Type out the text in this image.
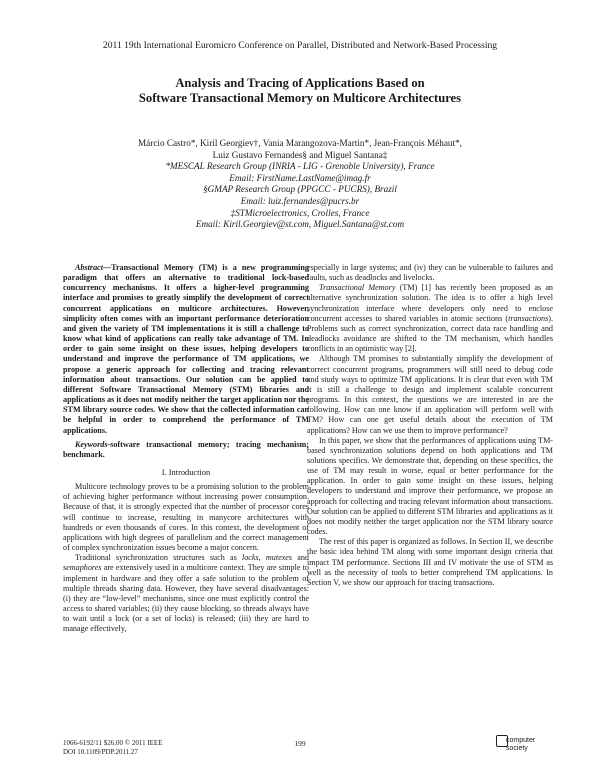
2011 19th International Euromicro Conference on Parallel, Distributed and Network-Based Processing
Analysis and Tracing of Applications Based on
Software Transactional Memory on Multicore Architectures
Márcio Castro*, Kiril Georgiev†, Vania Marangozova-Martin*, Jean-François Méhaut*,
Luiz Gustavo Fernandes§ and Miguel Santana‡
*MESCAL Research Group (INRIA - LIG - Grenoble University), France
Email: FirstName.LastName@imag.fr
§GMAP Research Group (PPGCC - PUCRS), Brazil
Email: luiz.fernandes@pucrs.br
‡STMicroelectronics, Crolles, France
Email: Kiril.Georgiev@st.com, Miguel.Santana@st.com

Abstract—Transactional Memory (TM) is a new programming paradigm that offers an alternative to traditional lock-based concurrency mechanisms. It offers a higher-level programming interface and promises to greatly simplify the development of correct concurrent applications on multicore architectures. However, simplicity often comes with an important performance deterioration and given the variety of TM implementations it is still a challenge to know what kind of applications can really take advantage of TM. In order to gain some insight on these issues, helping developers to understand and improve the performance of TM applications, we propose a generic approach for collecting and tracing relevant information about transactions. Our solution can be applied to different Software Transactional Memory (STM) libraries and applications as it does not modify neither the target application nor the STM library source codes. We show that the collected information can be helpful in order to comprehend the performance of TM applications.

Keywords-software transactional memory; tracing mechanism; benchmark.

I. Introduction

Multicore technology proves to be a promising solution to the problem of achieving higher performance without increasing power consumption. Because of that, it is strongly expected that the number of processor cores will continue to increase, resulting in manycore architectures with hundreds or even thousands of cores. In this context, the development of applications with high degrees of parallelism and the correct management of complex synchronization issues become a major concern.

Traditional synchronization structures such as locks, mutexes and semaphores are extensively used in a multicore context. They are simple to implement in hardware and they offer a safe solution to the problem of multiple threads sharing data. However, they have several disadvantages: (i) they are “low-level” mechanisms, since one must explicitly control the access to shared variables; (ii) they cause blocking, so threads always have to wait until a lock (or a set of locks) is released; (iii) they are hard to manage effectively,

especially in large systems; and (iv) they can be vulnerable to failures and faults, such as deadlocks and livelocks.

Transactional Memory (TM) [1] has recently been proposed as an alternative synchronization solution. The idea is to offer a high level synchronization interface where developers only need to enclose concurrent accesses to shared variables in atomic sections (transactions). Problems such as correct synchronization, correct data race handling and deadlocks avoidance are shifted to the TM mechanism, which handles conflicts in an optimistic way [2].

Although TM promises to substantially simplify the development of correct concurrent programs, programmers will still need to debug code and study ways to optimize TM applications. It is clear that even with TM it is still a challenge to design and implement scalable concurrent programs. In this context, the questions we are interested in are the following. How can one know if an application will perform well with TM? How can one get useful details about the execution of TM applications? How can we use them to improve performance?

In this paper, we show that the performances of applications using TM-based synchronization solutions depend on both applications and TM solutions specifics. We demonstrate that, depending on these specifics, the use of TM may result in worse, equal or better performance for the application. In order to gain some insight on these issues, helping developers to understand and improve their performance, we propose an approach for collecting and tracing relevant information about transactions. Our solution can be applied to different STM libraries and applications as it does not modify neither the target application nor the STM library source codes.

The rest of this paper is organized as follows. In Section II, we describe the basic idea behind TM along with some important design criteria that impact TM performance. Sections III and IV motivate the use of STM as well as the necessity of tools to better comprehend TM applications. In Section V, we show our approach for tracing transactions.

1066-6192/11 $26.00 © 2011 IEEE
DOI 10.1109/PDP.2011.27
199	computer
society
